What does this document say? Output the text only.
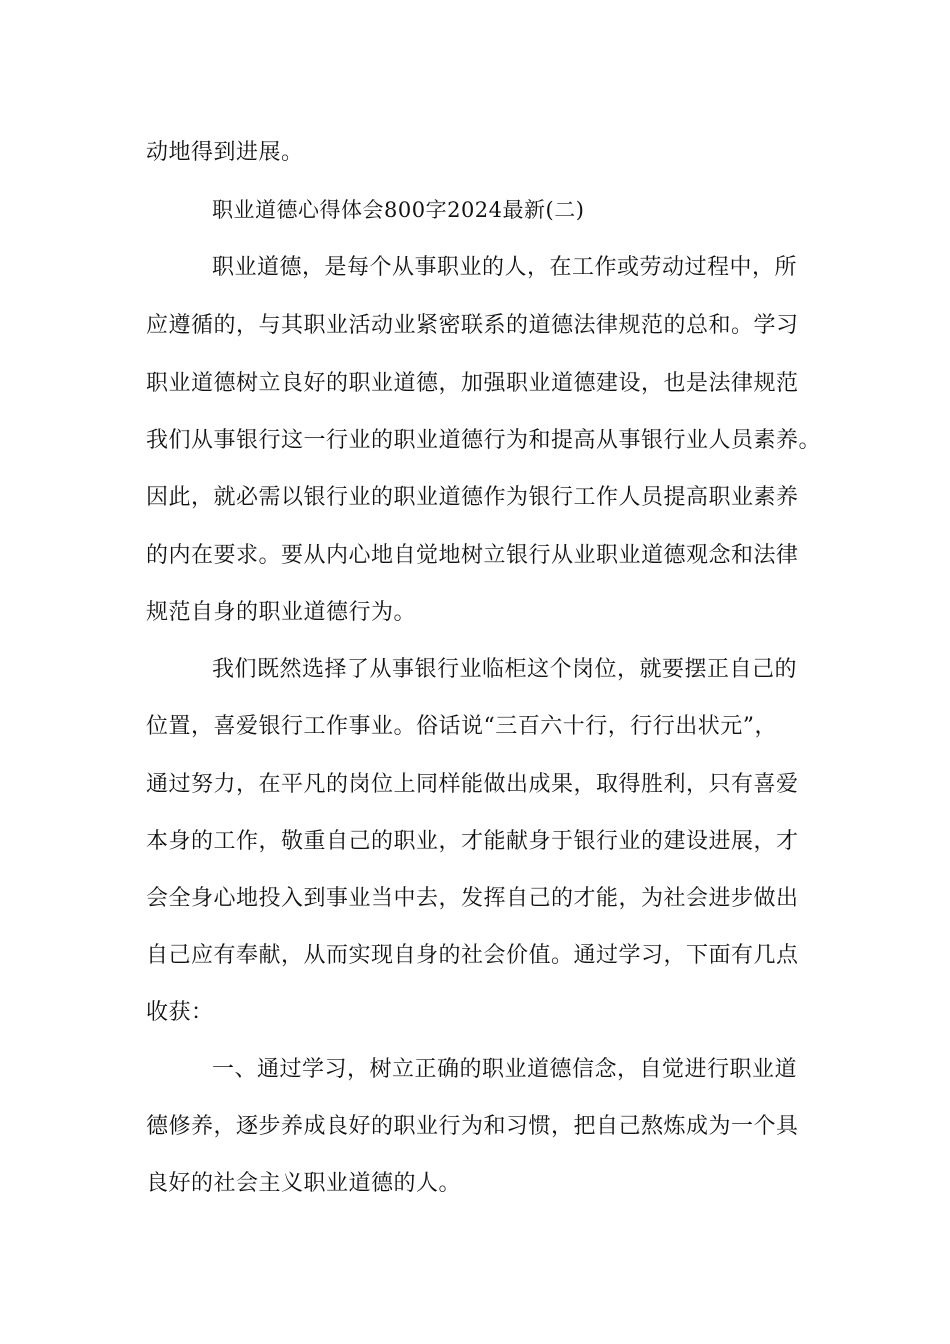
动地得到进展。
职业道德心得体会800字2024最新(二)
职业道德，是每个从事职业的人，在工作或劳动过程中，所
应遵循的，与其职业活动业紧密联系的道德法律规范的总和。学习
职业道德树立良好的职业道德，加强职业道德建设，也是法律规范
我们从事银行这一行业的职业道德行为和提高从事银行业人员素养。
因此，就必需以银行业的职业道德作为银行工作人员提高职业素养
的内在要求。要从内心地自觉地树立银行从业职业道德观念和法律
规范自身的职业道德行为。
我们既然选择了从事银行业临柜这个岗位，就要摆正自己的
位置，喜爱银行工作事业。俗话说“三百六十行，行行出状元”，
通过努力，在平凡的岗位上同样能做出成果，取得胜利，只有喜爱
本身的工作，敬重自己的职业，才能献身于银行业的建设进展，才
会全身心地投入到事业当中去，发挥自己的才能，为社会进步做出
自己应有奉献，从而实现自身的社会价值。通过学习，下面有几点
收获：
一、通过学习，树立正确的职业道德信念，自觉进行职业道
德修养，逐步养成良好的职业行为和习惯，把自己熬炼成为一个具
良好的社会主义职业道德的人。
